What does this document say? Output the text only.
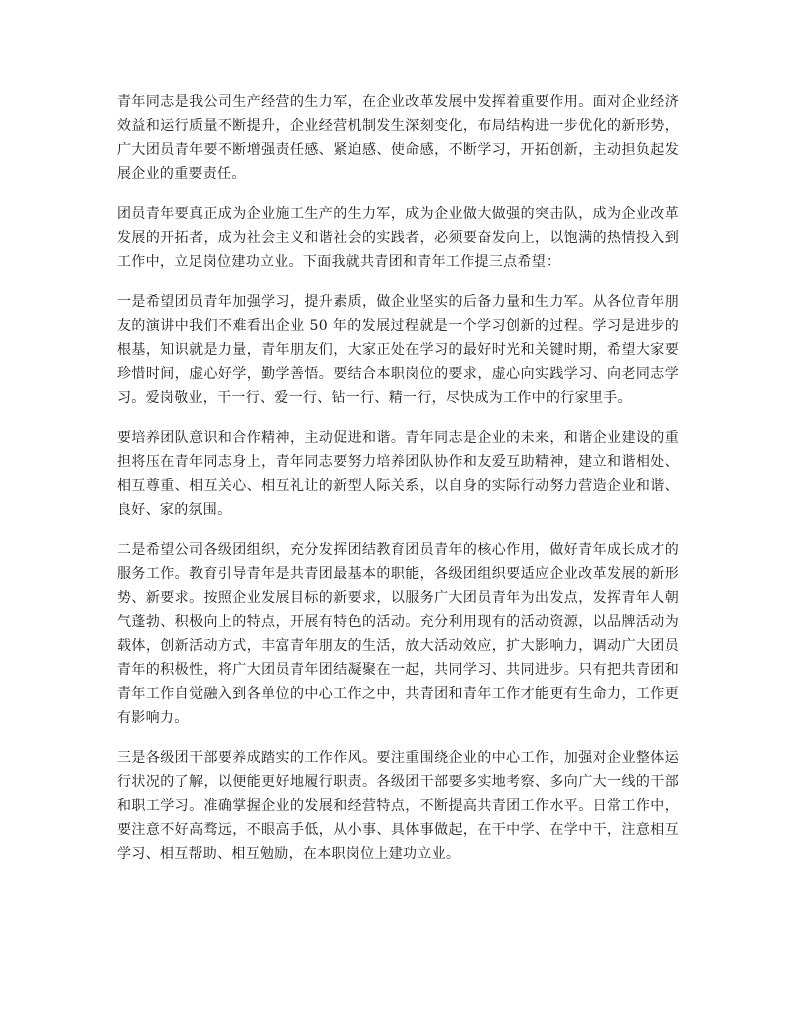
青年同志是我公司生产经营的生力军，在企业改革发展中发挥着重要作用。面对企业经济效益和运行质量不断提升，企业经营机制发生深刻变化，布局结构进一步优化的新形势，广大团员青年要不断增强责任感、紧迫感、使命感，不断学习，开拓创新，主动担负起发展企业的重要责任。

团员青年要真正成为企业施工生产的生力军，成为企业做大做强的突击队，成为企业改革发展的开拓者，成为社会主义和谐社会的实践者，必须要奋发向上，以饱满的热情投入到工作中，立足岗位建功立业。下面我就共青团和青年工作提三点希望：

一是希望团员青年加强学习，提升素质，做企业坚实的后备力量和生力军。从各位青年朋友的演讲中我们不难看出企业 50 年的发展过程就是一个学习创新的过程。学习是进步的根基，知识就是力量，青年朋友们，大家正处在学习的最好时光和关键时期，希望大家要珍惜时间，虚心好学，勤学善悟。要结合本职岗位的要求，虚心向实践学习、向老同志学习。爱岗敬业，干一行、爱一行、钻一行、精一行，尽快成为工作中的行家里手。

要培养团队意识和合作精神，主动促进和谐。青年同志是企业的未来，和谐企业建设的重担将压在青年同志身上，青年同志要努力培养团队协作和友爱互助精神，建立和谐相处、相互尊重、相互关心、相互礼让的新型人际关系，以自身的实际行动努力营造企业和谐、良好、家的氛围。

二是希望公司各级团组织，充分发挥团结教育团员青年的核心作用，做好青年成长成才的服务工作。教育引导青年是共青团最基本的职能，各级团组织要适应企业改革发展的新形势、新要求。按照企业发展目标的新要求，以服务广大团员青年为出发点，发挥青年人朝气蓬勃、积极向上的特点，开展有特色的活动。充分利用现有的活动资源，以品牌活动为载体，创新活动方式，丰富青年朋友的生活，放大活动效应，扩大影响力，调动广大团员青年的积极性，将广大团员青年团结凝聚在一起，共同学习、共同进步。只有把共青团和青年工作自觉融入到各单位的中心工作之中，共青团和青年工作才能更有生命力，工作更有影响力。

三是各级团干部要养成踏实的工作作风。要注重围绕企业的中心工作，加强对企业整体运行状况的了解，以便能更好地履行职责。各级团干部要多实地考察、多向广大一线的干部和职工学习。准确掌握企业的发展和经营特点，不断提高共青团工作水平。日常工作中，要注意不好高骛远，不眼高手低，从小事、具体事做起，在干中学、在学中干，注意相互学习、相互帮助、相互勉励，在本职岗位上建功立业。
